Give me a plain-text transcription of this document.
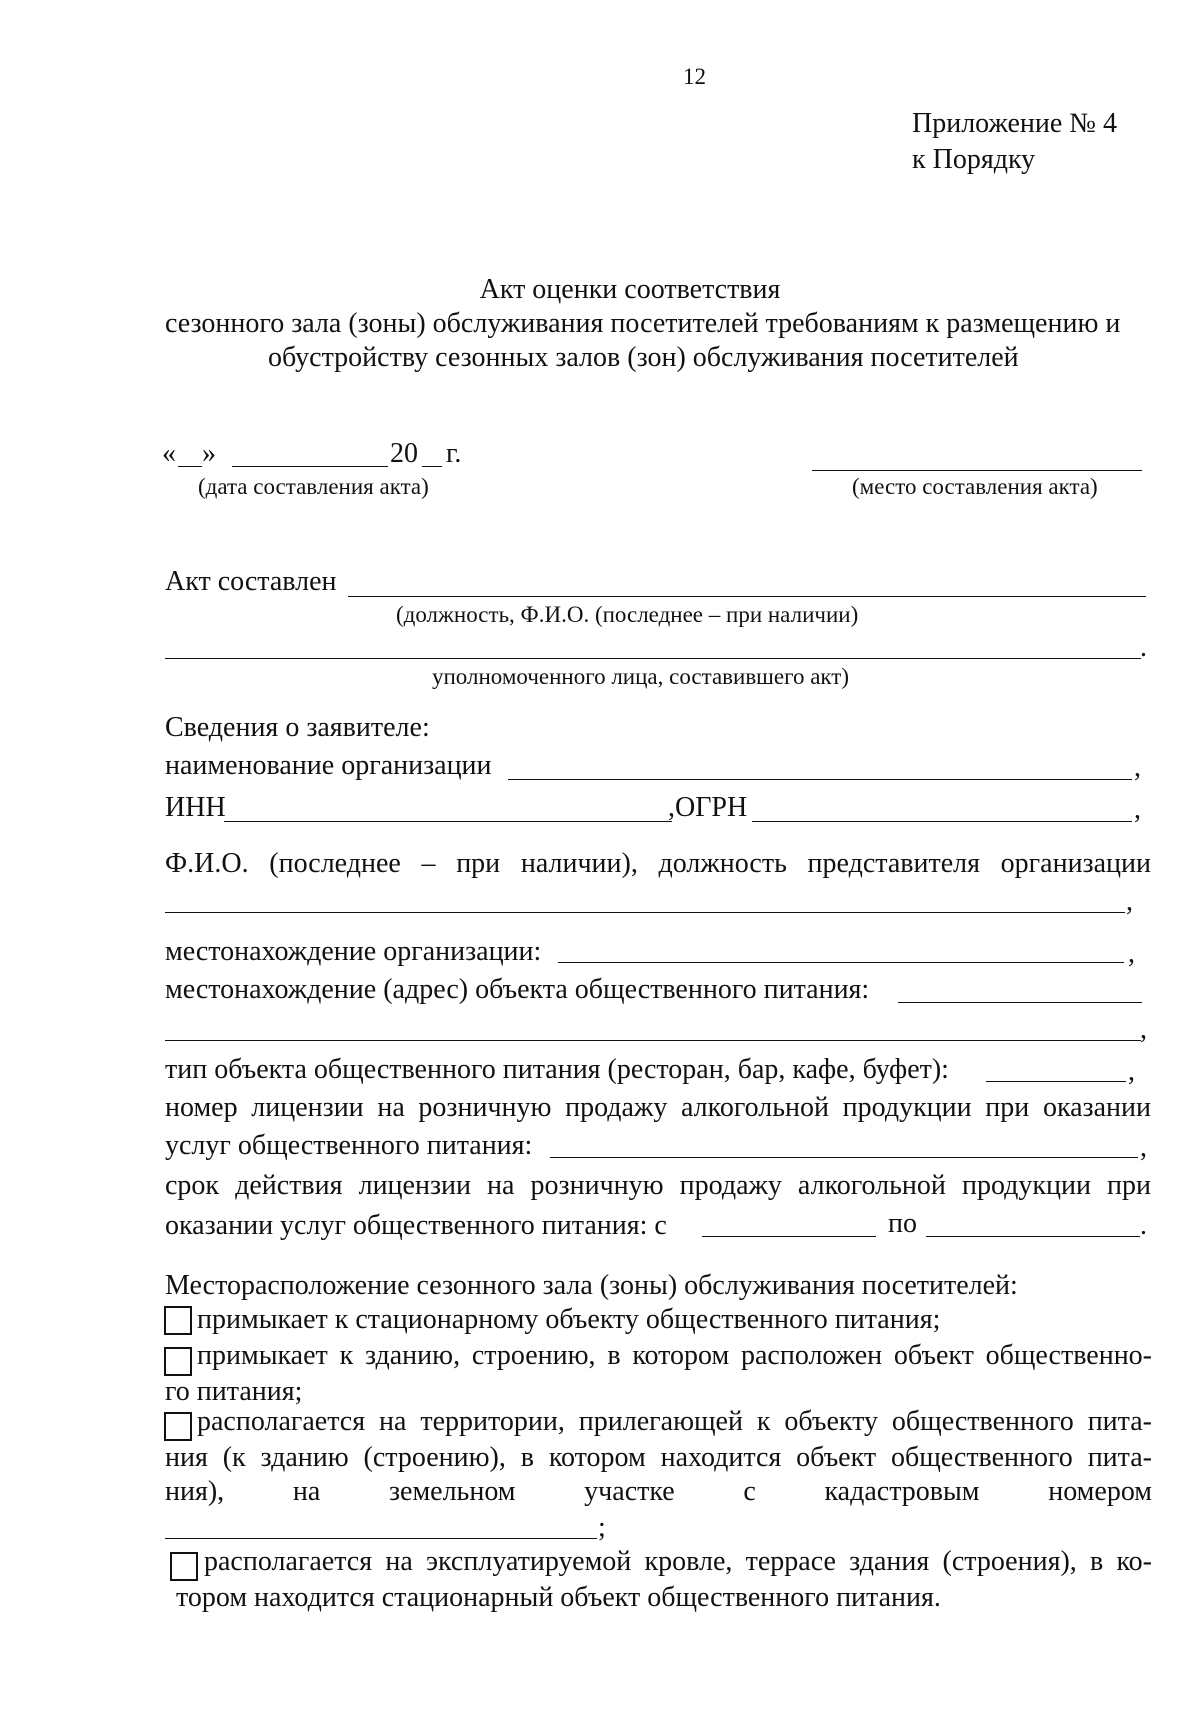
12
Приложение № 4
к Порядку
Акт оценки соответствия
сезонного зала (зоны) обслуживания посетителей требованиям к размещению и
обустройству сезонных залов (зон) обслуживания посетителей
« »	20 г.
(дата составления акта)	(место составления акта)
Акт составлен
(должность, Ф.И.О. (последнее – при наличии)
.
уполномоченного лица, составившего акт)
Сведения о заявителе:
наименование организации	,
ИНН	,ОГРН	,
Ф.И.О. (последнее – при наличии), должность представителя организации
,
местонахождение организации:	,
местонахождение (адрес) объекта общественного питания:
,
тип объекта общественного питания (ресторан, бар, кафе, буфет):	,
номер лицензии на розничную продажу алкогольной продукции при оказании
услуг общественного питания:	,
срок действия лицензии на розничную продажу алкогольной продукции при
оказании услуг общественного питания: с	по	.
Месторасположение сезонного зала (зоны) обслуживания посетителей:
примыкает к стационарному объекту общественного питания;
примыкает к зданию, строению, в котором расположен объект общественно-
го питания;
располагается на территории, прилегающей к объекту общественного пита-
ния (к зданию (строению), в котором находится объект общественного пита-
ния), на земельном участке с кадастровым номером
;
располагается на эксплуатируемой кровле, террасе здания (строения), в ко-
тором находится стационарный объект общественного питания.
